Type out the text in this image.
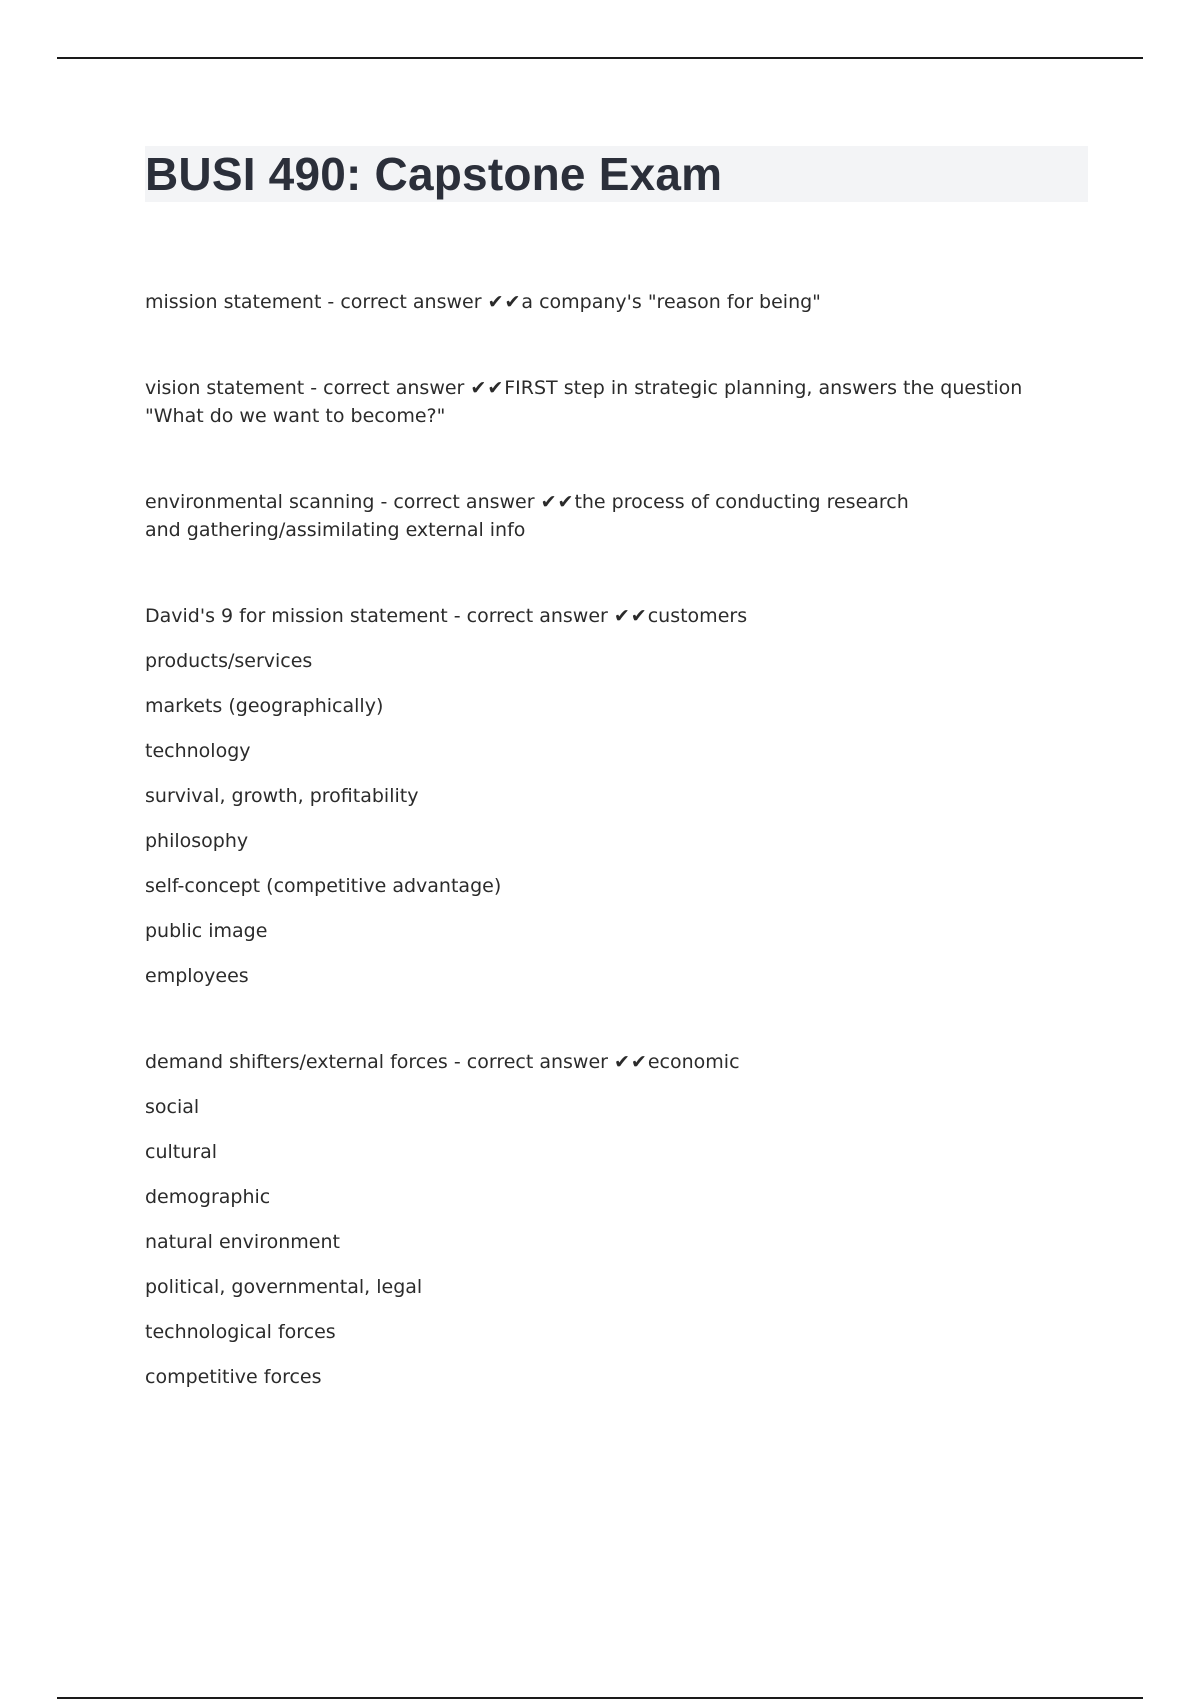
BUSI 490: Capstone Exam

mission statement - correct answer ✔✔a company's "reason for being"

vision statement - correct answer ✔✔FIRST step in strategic planning, answers the question "What do we want to become?"

environmental scanning - correct answer ✔✔the process of conducting research and gathering/assimilating external info

David's 9 for mission statement - correct answer ✔✔customers

products/services

markets (geographically)

technology

survival, growth, profitability

philosophy

self-concept (competitive advantage)

public image

employees

demand shifters/external forces - correct answer ✔✔economic

social

cultural

demographic

natural environment

political, governmental, legal

technological forces

competitive forces
